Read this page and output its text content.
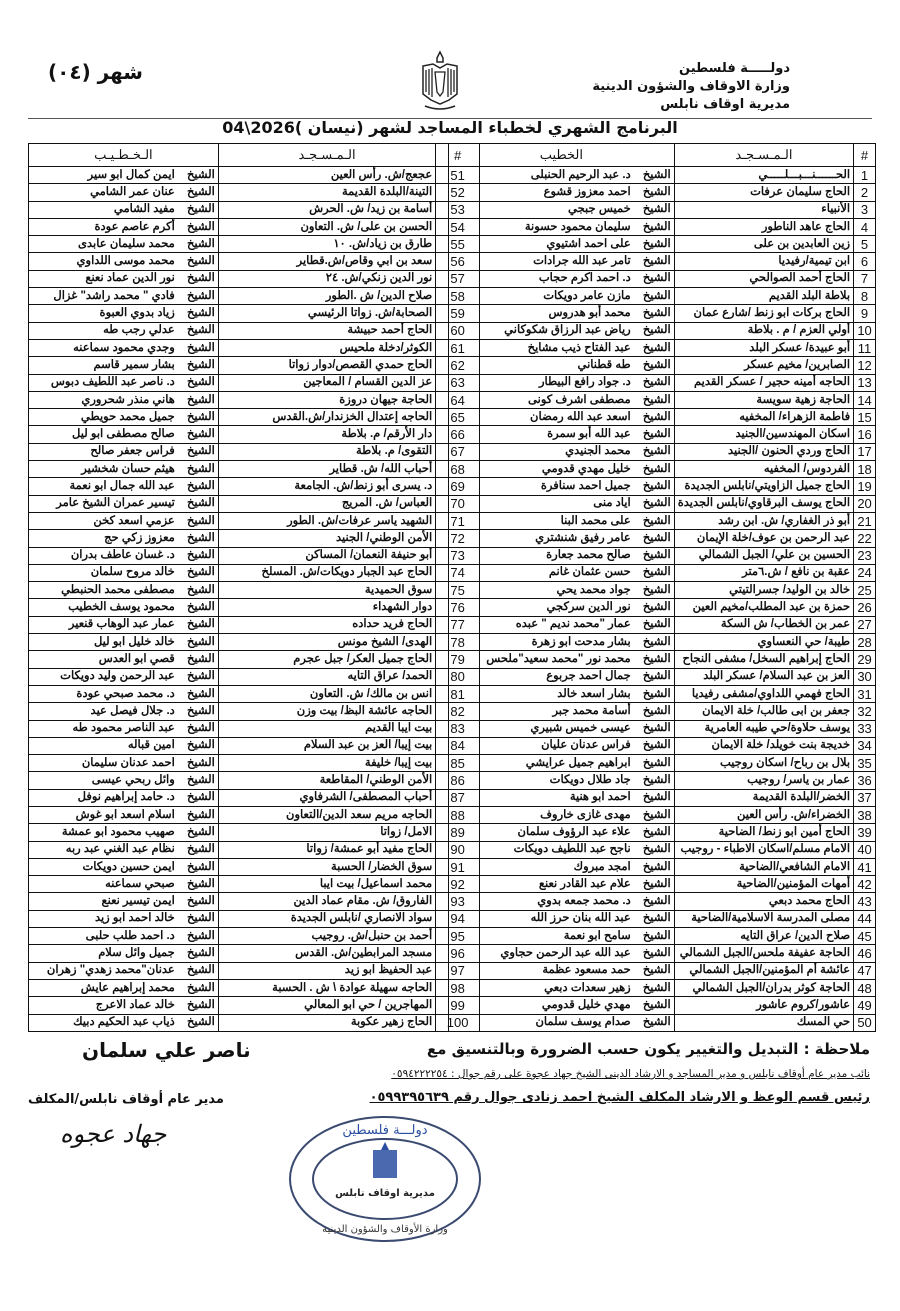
دولـــــة فلسطين
وزارة الاوقاف والشؤون الدينية
مديرية اوقاف نابلس
شهر (٠٤)
البرنامج الشهري لخطباء المساجد لشهر (نيسان )2026\04
#	الـمـسـجـد	الخطيب
1	الحــــــنـــبـــلـــــي	الشيخد. عبد الرحيم الحنبلى
2	الحاج سليمان عرفات	الشيخاحمد معزوز قشوع
3	الأنبياء	الشيخخميس جبجي
4	الحاج عاهد الناطور	الشيخسليمان محمود حسونة
5	زين العابدين بن على	الشيخعلى احمد اشتيوي
6	ابن تيمية/رفيديا	الشيختامر عبد الله جرادات
7	الحاج أحمد الصوالحي	الشيخد. احمد اكرم حجاب
8	بلاطة البلد القديم	الشيخمازن عامر دويكات
9	الحاج بركات ابو زنط /شارع عمان	الشيخمحمد أبو هدروس
10	أولي العزم / م . بلاطة	الشيخرياض عبد الرزاق شكوكاني
11	أبو عبيدة/ عسكر البلد	الشيخعبد الفتاح ذيب مشايخ
12	الصابرين/ مخيم عسكر	الشيخطه قطناني
13	الحاجه أمينه حجير / عسكر القديم	الشيخد. جواد رافع البيطار
14	الحاجة زهية سويسة	الشيخمصطفى اشرف كونى
15	فاطمة الزهراء/ المخفيه	الشيخاسعد عبد الله رمضان
16	اسكان المهندسين/الجنيد	الشيخعبد الله أبو سمرة
17	الحاج وردي الحنون /الجنيد	الشيخمحمد الجنيدي
18	الفردوس/ المخفيه	الشيخخليل مهدي قدومي
19	الحاج جميل الزاويتي/نابلس الجديدة	الشيخجميل احمد سنافرة
20	الحاج يوسف البرقاوي/نابلس الجديدة	الشيخاياد منى
21	أبو ذر الغفاري/ ش. ابن رشد	الشيخعلى محمد البنا
22	عبد الرحمن بن عوف/خلة الإيمان	الشيخعامر رفيق شنشتري
23	الحسين بن علي/ الجبل الشمالي	الشيخصالح محمد جعارة
24	عقبة بن نافع / ش.٦متر	الشيخحسن عثمان غانم
25	خالد بن الوليد/ جسرالتيتي	الشيخجواد محمد يحي
26	حمزة بن عبد المطلب/مخيم العين	الشيخنور الدين سركجي
27	عمر بن الخطاب/ ش السكة	الشيخعمار "محمد نديم " عبده
28	طيبة/ حي النعساوي	الشيخبشار مدحت ابو زهرة
29	الحاج إبراهيم السخل/ مشفى النجاح	الشيخمحمد نور "محمد سعيد"ملحس
30	العز بن عبد السلام/ عسكر البلد	الشيخجمال احمد جربوع
31	الحاج فهمي اللداوي/مشفى رفيديا	الشيخبشار اسعد خالد
32	جعفر بن ابى طالب/ خلة الايمان	الشيخأسامة محمد جبر
33	يوسف حلاوة/حي طيبه العامرية	الشيخعيسى خميس شبيري
34	خديجة بنت خويلد/ خلة الايمان	الشيخفراس عدنان عليان
35	بلال بن رباح/ اسكان روجيب	الشيخابراهيم جميل عرايشي
36	عمار بن ياسر/ روجيب	الشيخجاد طلال دويكات
37	الخضر/البلدة القديمة	الشيخاحمد ابو هنية
38	الخضراء/ش. رأس العين	الشيخمهدى غازى خاروف
39	الحاج أمين ابو زنط/ الضاحية	الشيخعلاء عبد الرؤوف سلمان
40	الامام مسلم/اسكان الاطباء - روجيب	الشيخناجح عبد اللطيف دويكات
41	الامام الشافعي/الضاحية	الشيخامجد مبروك
42	أمهات المؤمنين/الضاحية	الشيخعلام عبد القادر نعنع
43	الحاج محمد دبعي	الشيخد. محمد جمعه بدوي
44	مصلى المدرسة الاسلامية/الضاحية	الشيخعبد الله بنان حرز الله
45	صلاح الدين/ عراق التايه	الشيخسامح ابو نعمة
46	الحاجة عفيفة ملحس/الجبل الشمالي	الشيخعبد الله عبد الرحمن حجاوي
47	عائشة أم المؤمنين/الجبل الشمالي	الشيخحمد مسعود عظمة
48	الحاجة كوثر بدران/الجبل الشمالي	الشيخزهير سعدات دبعي
49	عاشور/كروم عاشور	الشيخمهدي خليل قدومي
50	حي المسك	الشيخصدام يوسف سلمان
#	الـمـسـجـد	الـخـطـيـب
51	عجعج/ش. رأس العين	الشيخايمن كمال ابو سير
52	التينة/البلدة القديمة	الشيخعنان عمر الشامي
53	أسامة بن زيد/ ش. الحرش	الشيخمفيد الشامي
54	الحسن بن على/ ش. التعاون	الشيخأكرم عاصم عودة
55	طارق بن زياد/ش. ١٠	الشيخمحمد سليمان عابدى
56	سعد بن ابي وقاص/ش.قطاير	الشيخمحمد موسى اللداوي
57	نور الدين زنكي/ش. ٢٤	الشيخنور الدين عماد نعنع
58	صلاح الدين/ ش .الطور	الشيخفادي " محمد راشد" غزال
59	الصحابة/ش. زواتا الرئيسي	الشيخزياد بدوي العبوة
60	الحاج أحمد حبيشة	الشيخعدلي رجب طه
61	الكوثر/دخلة ملحيس	الشيخوجدي محمود سماعنه
62	الحاج حمدي القصص/دوار زواتا	الشيخبشار سمير قاسم
63	عز الدين القسام / المعاجين	الشيخد. ناصر عبد اللطيف دبوس
64	الحاجة جيهان دروزة	الشيخهاني منذر شحروري
65	الحاجه إعتدال الخزندار/ش.القدس	الشيخجميل محمد حويطي
66	دار الأرقم/ م. بلاطة	الشيخصالح مصطفى ابو ليل
67	التقوى/ م. بلاطة	الشيخفراس جعفر صالح
68	أحباب الله/ ش. قطاير	الشيخهيثم حسان شخشير
69	د. يسرى أبو زنط/ش. الجامعة	الشيخعبد الله جمال ابو نعمة
70	العباس/ ش. المريج	الشيختيسير عمران الشيخ عامر
71	الشهيد ياسر عرفات/ش. الطور	الشيخعزمي اسعد كخن
72	الأمن الوطني/ الجنيد	الشيخمعزوز زكي حج
73	أبو حنيفة النعمان/ المساكن	الشيخد. غسان عاطف بدران
74	الحاج عبد الجبار دويكات/ش. المسلخ	الشيخخالد مروح سلمان
75	سوق الحميدية	الشيخمصطفى محمد الحنبطي
76	دوار الشهداء	الشيخمحمود يوسف الخطيب
77	الحاج فريد حداده	الشيخعمار عبد الوهاب قنعير
78	الهدى/ الشيخ مونس	الشيخخالد خليل ابو ليل
79	الحاج جميل العكر/ جبل عجرم	الشيخقصي ابو العدس
80	الحمد/ عراق التايه	الشيخعبد الرحمن وليد دويكات
81	انس بن مالك/ ش. التعاون	الشيخد. محمد صبحي عودة
82	الحاجه عائشة البظ/ بيت وزن	الشيخد. جلال فيصل عيد
83	بيت ايبا القديم	الشيخعبد الناصر محمود طه
84	بيت إيبا/ العز بن عبد السلام	الشيخامين قباله
85	بيت إيبا/ خليفة	الشيخاحمد عدنان سليمان
86	الأمن الوطني/ المقاطعة	الشيخوائل ربحي عيسى
87	أحباب المصطفى/ الشرفاوي	الشيخد. حامد إبراهيم نوفل
88	الحاجه مريم سعد الدين/التعاون	الشيخاسلام اسعد ابو غوش
89	الامل/ زواتا	الشيخصهيب محمود ابو عمشة
90	الحاج مفيد أبو عمشة/ زواتا	الشيخنظام عبد الغني عبد ربه
91	سوق الخضار/ الحسبة	الشيخايمن حسين دويكات
92	محمد اسماعيل/ بيت ايبا	الشيخصبحي سماعنه
93	الفاروق/ ش. مقام عماد الدين	الشيخايمن تيسير نعنع
94	سواد الانصاري /نابلس الجديدة	الشيخخالد احمد ابو زيد
95	أحمد بن حنبل/ش. روجيب	الشيخد. احمد طلب حلبى
96	مسجد المرابطين/ش. القدس	الشيخجميل وائل سلام
97	عبد الحفيظ ابو زيد	الشيخعدنان"محمد زهدي" زهران
98	الحاجه سهيلة عوادة \ ش . الحسبة	الشيخمحمد إبراهيم عايش
99	المهاجرين / حي ابو المعالي	الشيخخالد عماد الاعرج
100	الحاج زهير عكوبة	الشيخذياب عبد الحكيم دبيك
ملاحظة : التبديل والتغيير يكون حسب الضرورة وبالتنسيق مع
ناصر علي سلمان
نائب مدير عام أوقاف نابلس و مدير المساجد و الارشاد الدينى الشيخ جهاد عجوة على رقم جوال : ٠٥٩٤٢٢٢٢٥٤
رئيس قسم الوعظ و الارشاد المكلف الشيخ احمد زنادى جوال رقم ٠٥٩٩٣٩٥٦٣٩
مدير عام أوقاف نابلس/المكلف
جهاد عجوه	دولـــة فلسطين
مديرية اوقاف نابلس
وزارة الأوقاف والشؤون الدينية
